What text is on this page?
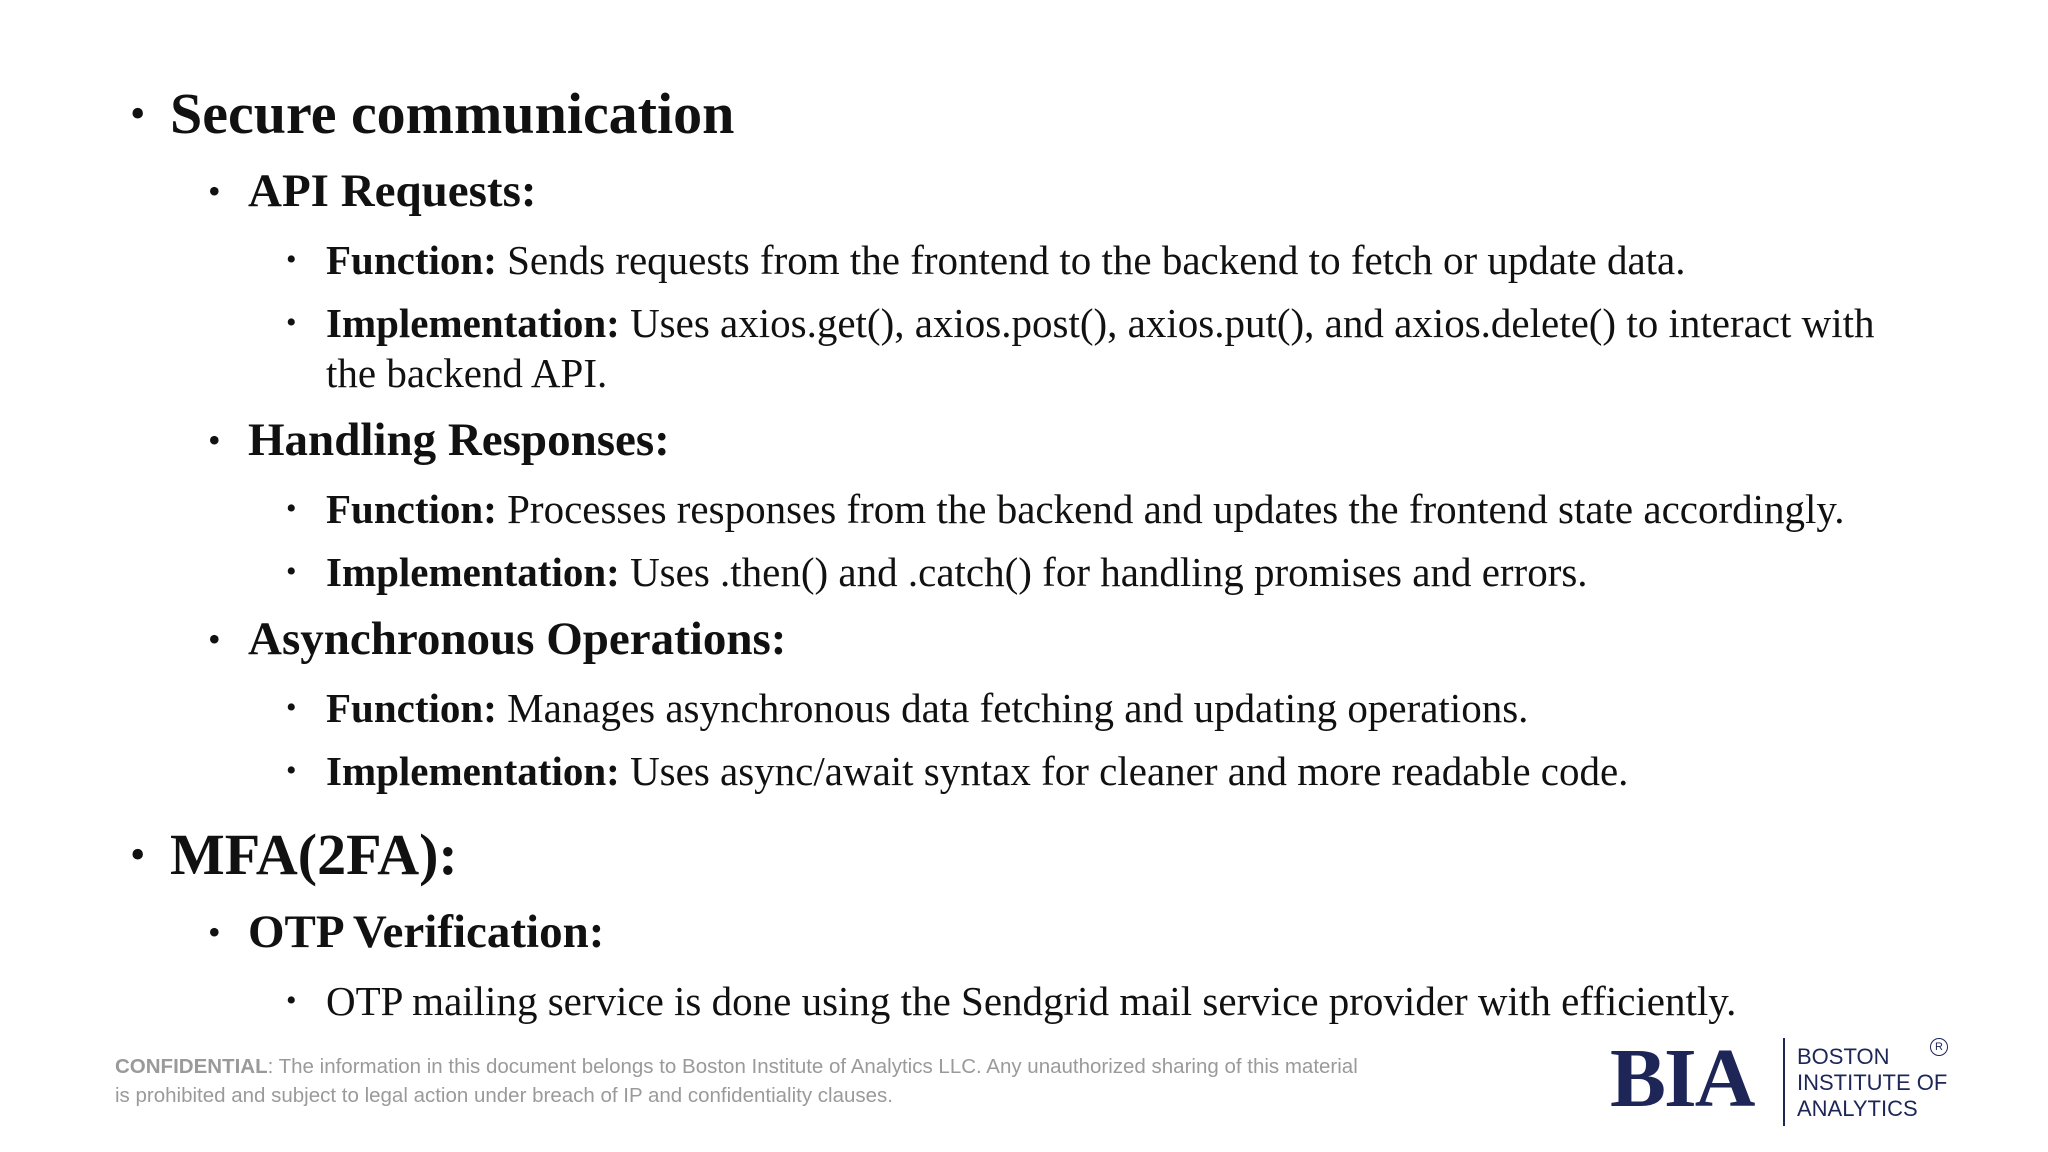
• Secure communication
• API Requests:
• Function: Sends requests from the frontend to the backend to fetch or update data.
• Implementation: Uses axios.get(), axios.post(), axios.put(), and axios.delete() to interact with the backend API.
• Handling Responses:
• Function: Processes responses from the backend and updates the frontend state accordingly.
• Implementation: Uses .then() and .catch() for handling promises and errors.
• Asynchronous Operations:
• Function: Manages asynchronous data fetching and updating operations.
• Implementation: Uses async/await syntax for cleaner and more readable code.
• MFA(2FA):
• OTP Verification:
• OTP mailing service is done using the Sendgrid mail service provider with efficiently.
CONFIDENTIAL: The information in this document belongs to Boston Institute of Analytics LLC. Any unauthorized sharing of this material is prohibited and subject to legal action under breach of IP and confidentiality clauses.	BIA BOSTON
INSTITUTE OF
ANALYTICS
R
